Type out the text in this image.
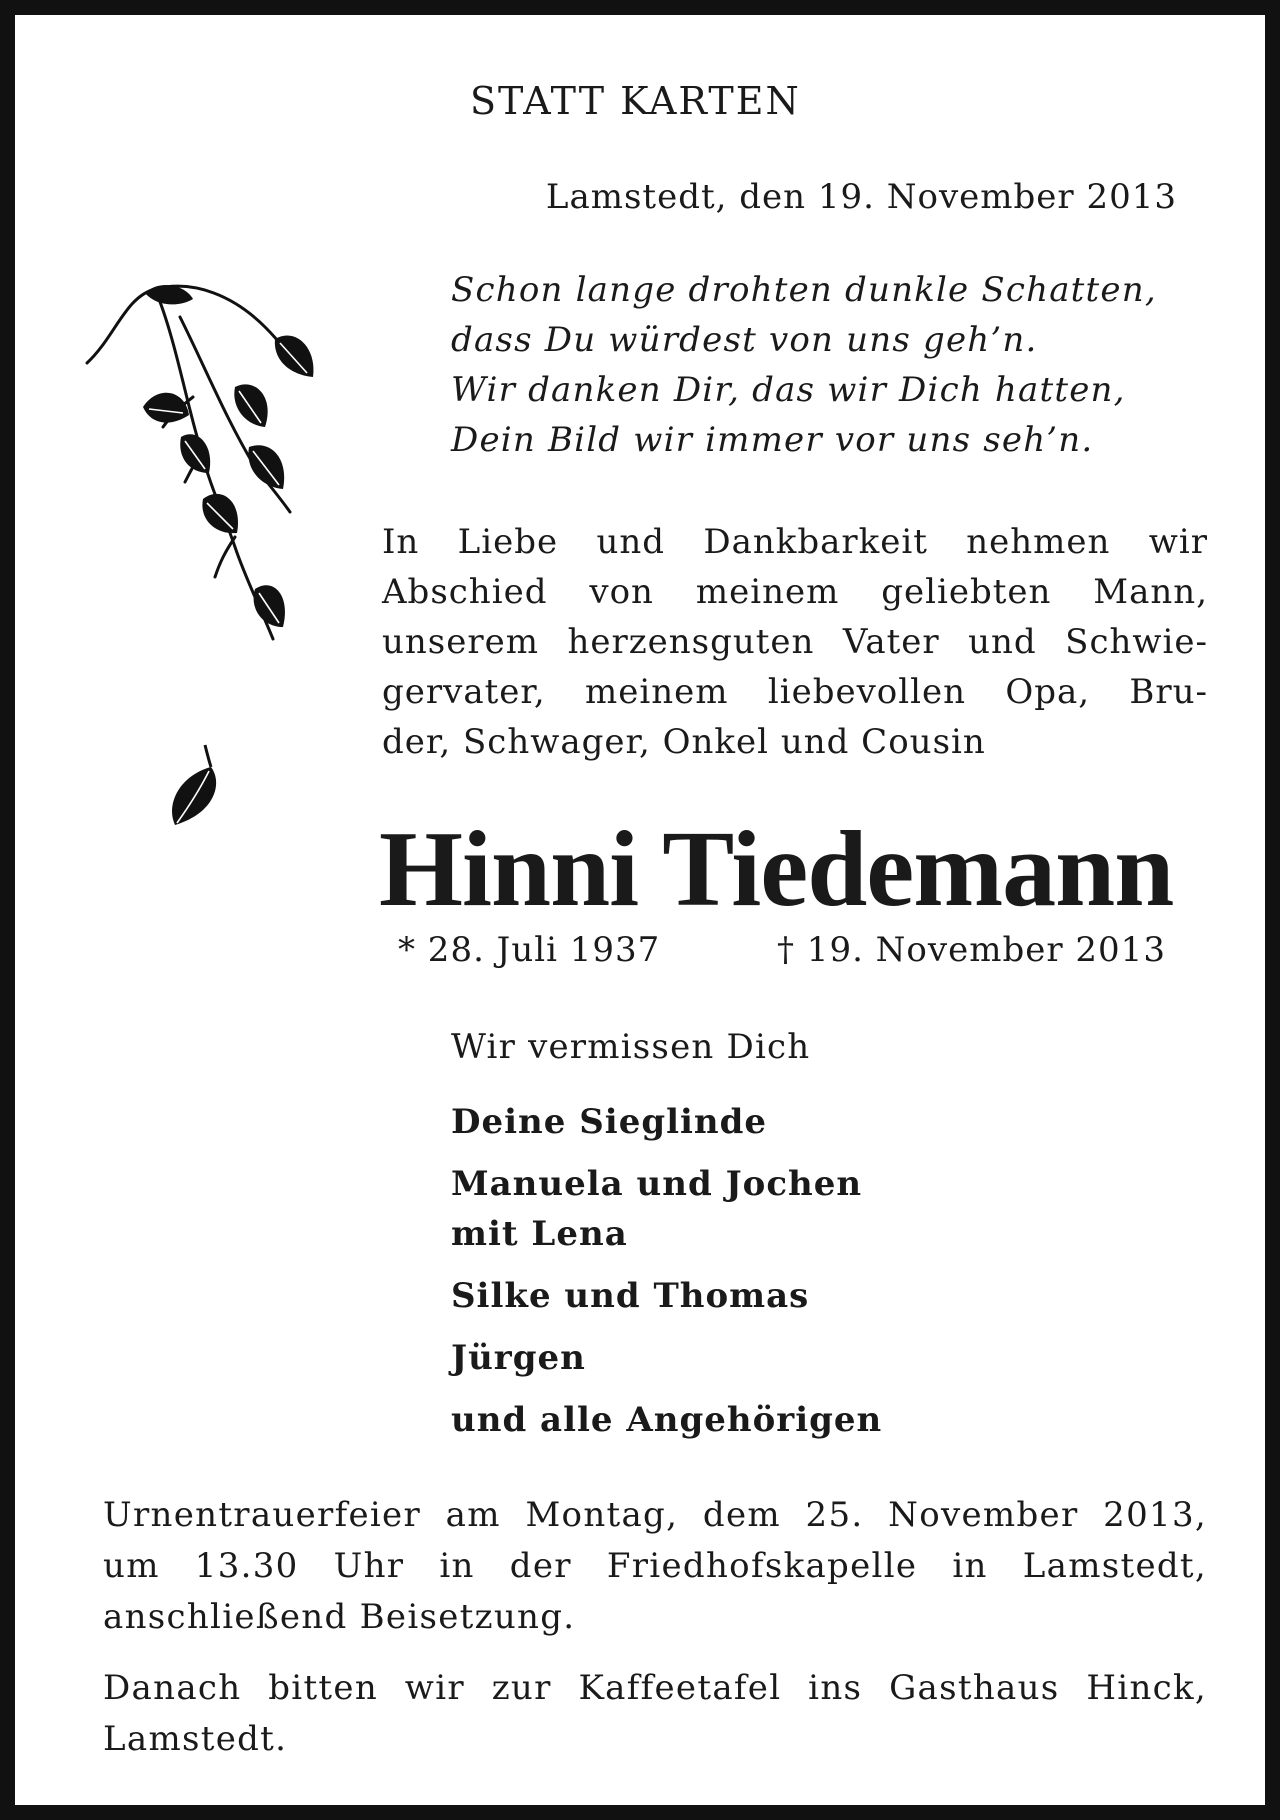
STATT KARTEN
Lamstedt, den 19. November 2013
Schon lange drohten dunkle Schatten,
dass Du würdest von uns geh’n.
Wir danken Dir, das wir Dich hatten,
Dein Bild wir immer vor uns seh’n.
In Liebe und Dankbarkeit nehmen wir
Abschied von meinem geliebten Mann,
unserem herzensguten Vater und Schwie-
gervater, meinem liebevollen Opa, Bru-
der, Schwager, Onkel und Cousin
Hinni Tiedemann
* 28. Juli 1937	† 19. November 2013
Wir vermissen Dich
Deine Sieglinde
Manuela und Jochen
mit Lena
Silke und Thomas
Jürgen
und alle Angehörigen

Urnentrauerfeier am Montag, dem 25. November 2013,
um 13.30 Uhr in der Friedhofskapelle in Lamstedt,
anschließend Beisetzung.

Danach bitten wir zur Kaffeetafel ins Gasthaus Hinck,
Lamstedt.
